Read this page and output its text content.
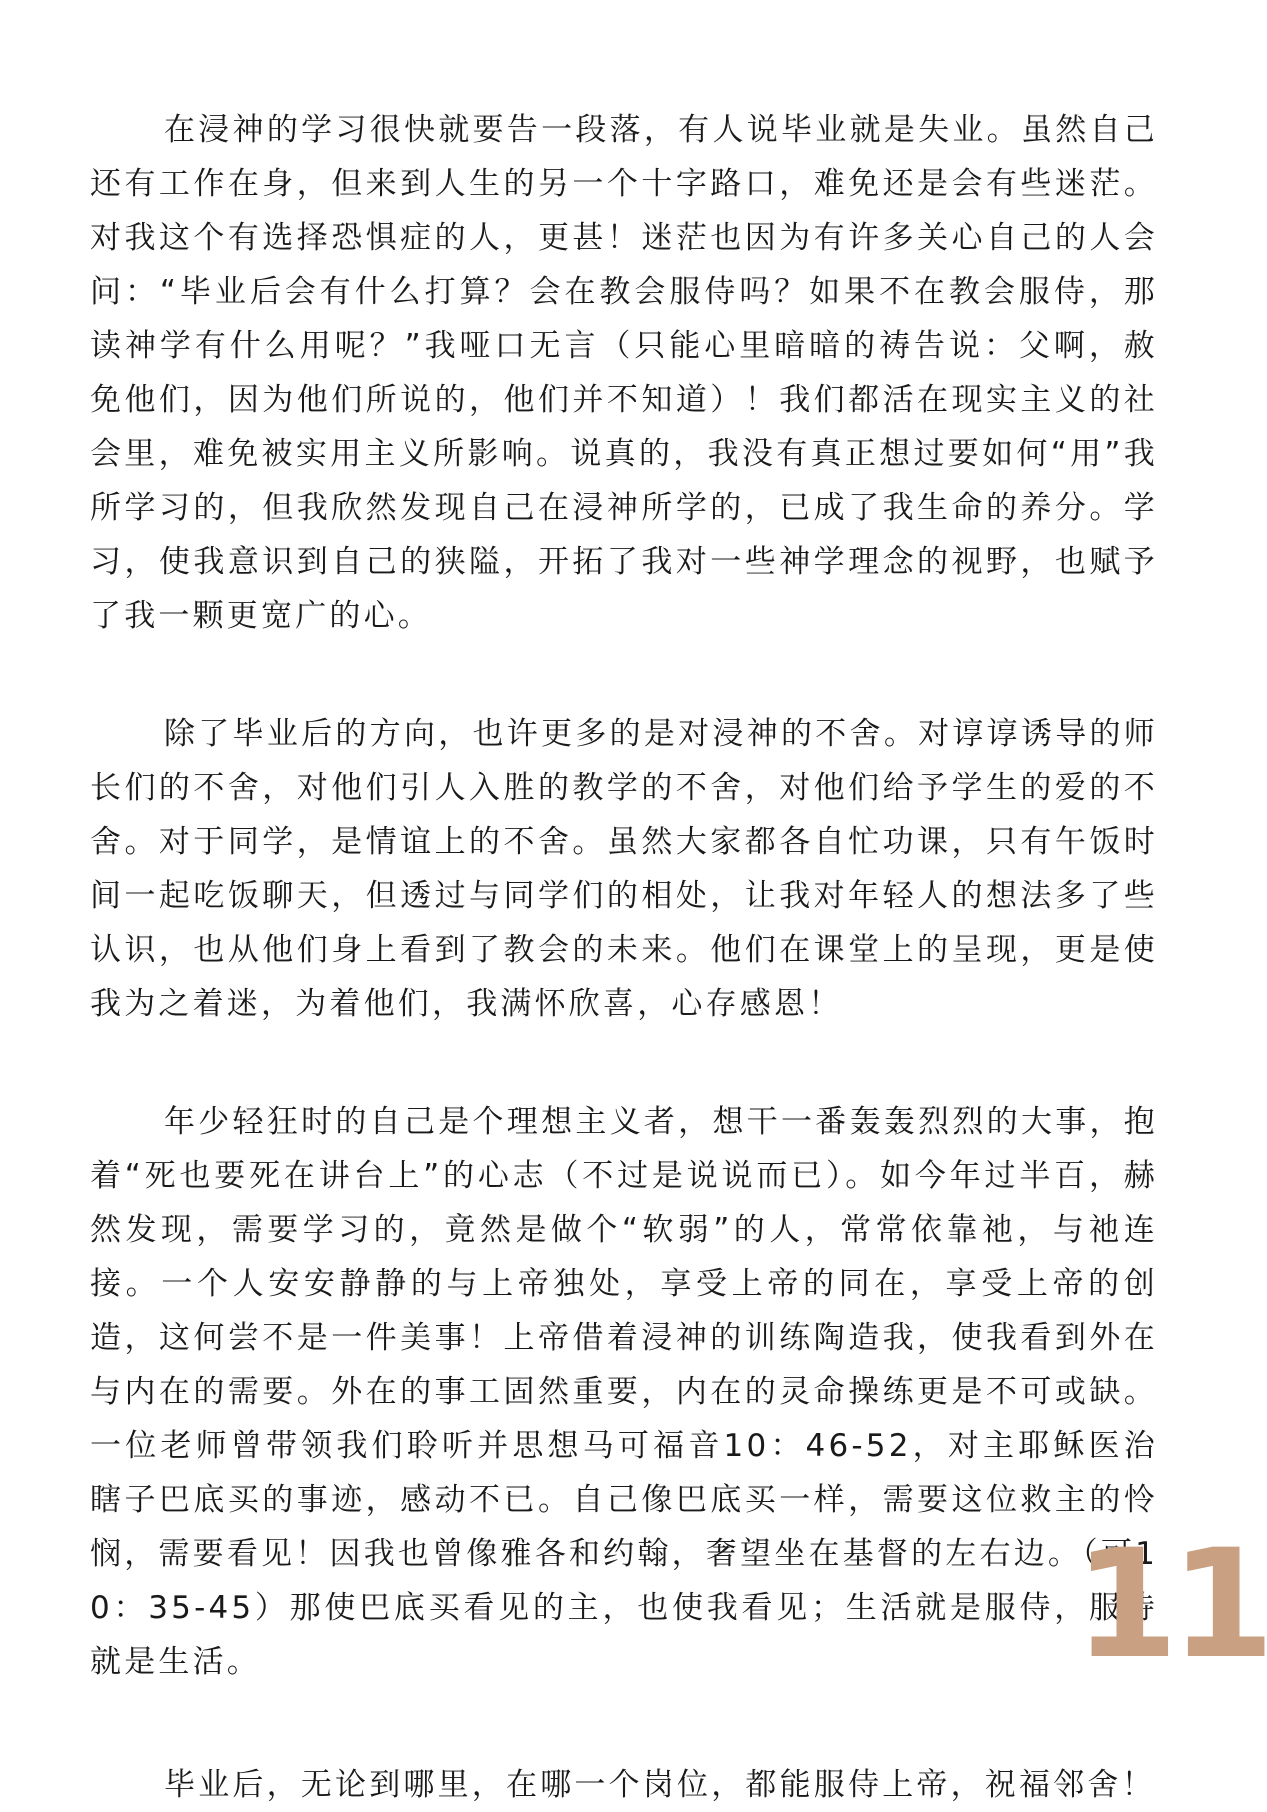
在浸神的学习很快就要告一段落，有人说毕业就是失业。虽然自己还有工作在身，但来到人生的另一个十字路口，难免还是会有些迷茫。对我这个有选择恐惧症的人，更甚！迷茫也因为有许多关心自己的人会问：“毕业后会有什么打算？会在教会服侍吗？如果不在教会服侍，那读神学有什么用呢？”我哑口无言（只能心里暗暗的祷告说：父啊，赦免他们，因为他们所说的，他们并不知道）！我们都活在现实主义的社会里，难免被实用主义所影响。说真的，我没有真正想过要如何“用”我所学习的，但我欣然发现自己在浸神所学的，已成了我生命的养分。学习，使我意识到自己的狭隘，开拓了我对一些神学理念的视野，也赋予了我一颗更宽广的心。

除了毕业后的方向，也许更多的是对浸神的不舍。对谆谆诱导的师长们的不舍，对他们引人入胜的教学的不舍，对他们给予学生的爱的不舍。对于同学，是情谊上的不舍。虽然大家都各自忙功课，只有午饭时间一起吃饭聊天，但透过与同学们的相处，让我对年轻人的想法多了些认识，也从他们身上看到了教会的未来。他们在课堂上的呈现，更是使我为之着迷，为着他们，我满怀欣喜，心存感恩！

年少轻狂时的自己是个理想主义者，想干一番轰轰烈烈的大事，抱着“死也要死在讲台上”的心志（不过是说说而已）。如今年过半百，赫然发现，需要学习的，竟然是做个“软弱”的人，常常依靠祂，与祂连接。一个人安安静静的与上帝独处，享受上帝的同在，享受上帝的创造，这何尝不是一件美事！上帝借着浸神的训练陶造我，使我看到外在与内在的需要。外在的事工固然重要，内在的灵命操练更是不可或缺。一位老师曾带领我们聆听并思想马可福音10：46-52，对主耶稣医治瞎子巴底买的事迹，感动不已。自己像巴底买一样，需要这位救主的怜悯，需要看见！因我也曾像雅各和约翰，奢望坐在基督的左右边。（可10：35-45）那使巴底买看见的主，也使我看见；生活就是服侍，服侍就是生活。

毕业后，无论到哪里，在哪一个岗位，都能服侍上帝，祝福邻舍！

11
